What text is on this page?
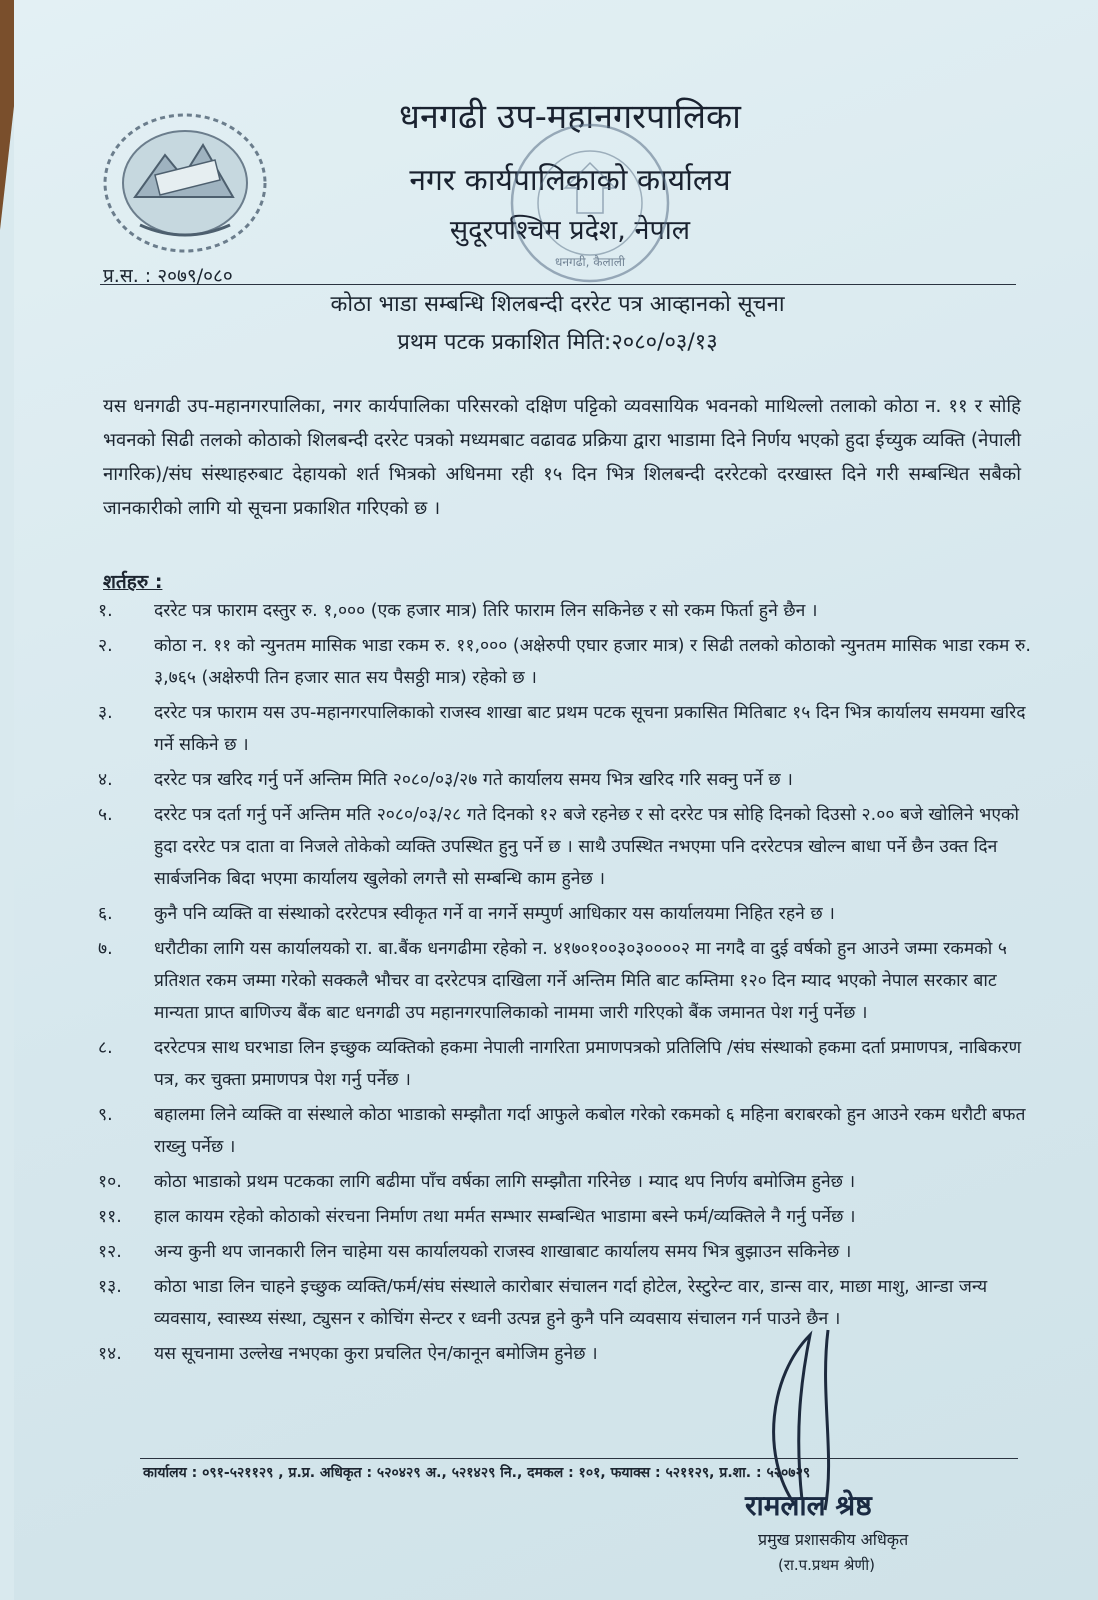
धनगढी उप-महानगरपालिका
नगर कार्यपालिकाको कार्यालय
सुदूरपश्चिम प्रदेश, नेपाल
धनगढी, कैलाली
प्र.स. : २०७९/०८०
कोठा भाडा सम्बन्धि शिलबन्दी दररेट पत्र आव्हानको सूचना
प्रथम पटक प्रकाशित मिति:२०८०/०३/१३
यस धनगढी उप-महानगरपालिका, नगर कार्यपालिका परिसरको दक्षिण पट्टिको व्यवसायिक भवनको माथिल्लो तलाको कोठा न. ११ र सोहि भवनको सिढी तलको कोठाको शिलबन्दी दररेट पत्रको मध्यमबाट वढावढ प्रक्रिया द्वारा भाडामा दिने निर्णय भएको हुदा ईच्युक व्यक्ति (नेपाली नागरिक)/संघ संस्थाहरुबाट देहायको शर्त भित्रको अधिनमा रही १५ दिन भित्र शिलबन्दी दररेटको दरखास्त दिने गरी सम्बन्धित सबैको जानकारीको लागि यो सूचना प्रकाशित गरिएको छ ।
शर्तहरु :
१.	दररेट पत्र फाराम दस्तुर रु. १,००० (एक हजार मात्र) तिरि फाराम लिन सकिनेछ र सो रकम फिर्ता हुने छैन ।
२.	कोठा न. ११ को न्युनतम मासिक भाडा रकम रु. ११,००० (अक्षेरुपी एघार हजार मात्र) र सिढी तलको कोठाको न्युनतम मासिक भाडा रकम रु. ३,७६५ (अक्षेरुपी तिन हजार सात सय पैसठ्ठी मात्र) रहेको छ ।
३.	दररेट पत्र फाराम यस उप-महानगरपालिकाको राजस्व शाखा बाट प्रथम पटक सूचना प्रकासित मितिबाट १५ दिन भित्र कार्यालय समयमा खरिद गर्ने सकिने छ ।
४.	दररेट पत्र खरिद गर्नु पर्ने अन्तिम मिति २०८०/०३/२७ गते कार्यालय समय भित्र खरिद गरि सक्नु पर्ने छ ।
५.	दररेट पत्र दर्ता गर्नु पर्ने अन्तिम मति २०८०/०३/२८ गते दिनको १२ बजे रहनेछ र सो दररेट पत्र सोहि दिनको दिउसो २.०० बजे खोलिने भएको हुदा दररेट पत्र दाता वा निजले तोकेको व्यक्ति उपस्थित हुनु पर्ने छ । साथै उपस्थित नभएमा पनि दररेटपत्र खोल्न बाधा पर्ने छैन उक्त दिन सार्बजनिक बिदा भएमा कार्यालय खुलेको लगत्तै सो सम्बन्धि काम हुनेछ ।
६.	कुनै पनि व्यक्ति वा संस्थाको दररेटपत्र स्वीकृत गर्ने वा नगर्ने सम्पुर्ण आधिकार यस कार्यालयमा निहित रहने छ ।
७.	धरौटीका लागि यस कार्यालयको रा. बा.बैंक धनगढीमा रहेको न. ४१७०१००३०३००००२ मा नगदै वा दुई वर्षको हुन आउने जम्मा रकमको ५ प्रतिशत रकम जम्मा गरेको सक्कलै भौचर वा दररेटपत्र दाखिला गर्ने अन्तिम मिति बाट कम्तिमा १२० दिन म्याद भएको नेपाल सरकार बाट मान्यता प्राप्त बाणिज्य बैंक बाट धनगढी उप महानगरपालिकाको नाममा जारी गरिएको बैंक जमानत पेश गर्नु पर्नेछ ।
८.	दररेटपत्र साथ घरभाडा लिन इच्छुक व्यक्तिको हकमा नेपाली नागरिता प्रमाणपत्रको प्रतिलिपि /संघ संस्थाको हकमा दर्ता प्रमाणपत्र, नाबिकरण पत्र, कर चुक्ता प्रमाणपत्र पेश गर्नु पर्नेछ ।
९.	बहालमा लिने व्यक्ति वा संस्थाले कोठा भाडाको सम्झौता गर्दा आफुले कबोल गरेको रकमको ६ महिना बराबरको हुन आउने रकम धरौटी बफत राख्नु पर्नेछ ।
१०.	कोठा भाडाको प्रथम पटकका लागि बढीमा पाँच वर्षका लागि सम्झौता गरिनेछ । म्याद थप निर्णय बमोजिम हुनेछ ।
११.	हाल कायम रहेको कोठाको संरचना निर्माण तथा मर्मत सम्भार सम्बन्धित भाडामा बस्ने फर्म/व्यक्तिले नै गर्नु पर्नेछ ।
१२.	अन्य कुनी थप जानकारी लिन चाहेमा यस कार्यालयको राजस्व शाखाबाट कार्यालय समय भित्र बुझाउन सकिनेछ ।
१३.	कोठा भाडा लिन चाहने इच्छुक व्यक्ति/फर्म/संघ संस्थाले कारोबार संचालन गर्दा होटेल, रेस्टुरेन्ट वार, डान्स वार, माछा माशु, आन्डा जन्य व्यवसाय, स्वास्थ्य संस्था, ट्युसन र कोचिंग सेन्टर र ध्वनी उत्पन्न हुने कुनै पनि व्यवसाय संचालन गर्न पाउने छैन ।
१४.	यस सूचनामा उल्लेख नभएका कुरा प्रचलित ऐन/कानून बमोजिम हुनेछ ।
कार्यालय : ०९१-५२११२९ , प्र.प्र. अधिकृत : ५२०४२९ अ., ५२१४२९ नि., दमकल : १०१, फयाक्स : ५२११२९, प्र.शा. : ५२०७२९
रामलाल श्रेष्ठ
प्रमुख प्रशासकीय अधिकृत
(रा.प.प्रथम श्रेणी)
